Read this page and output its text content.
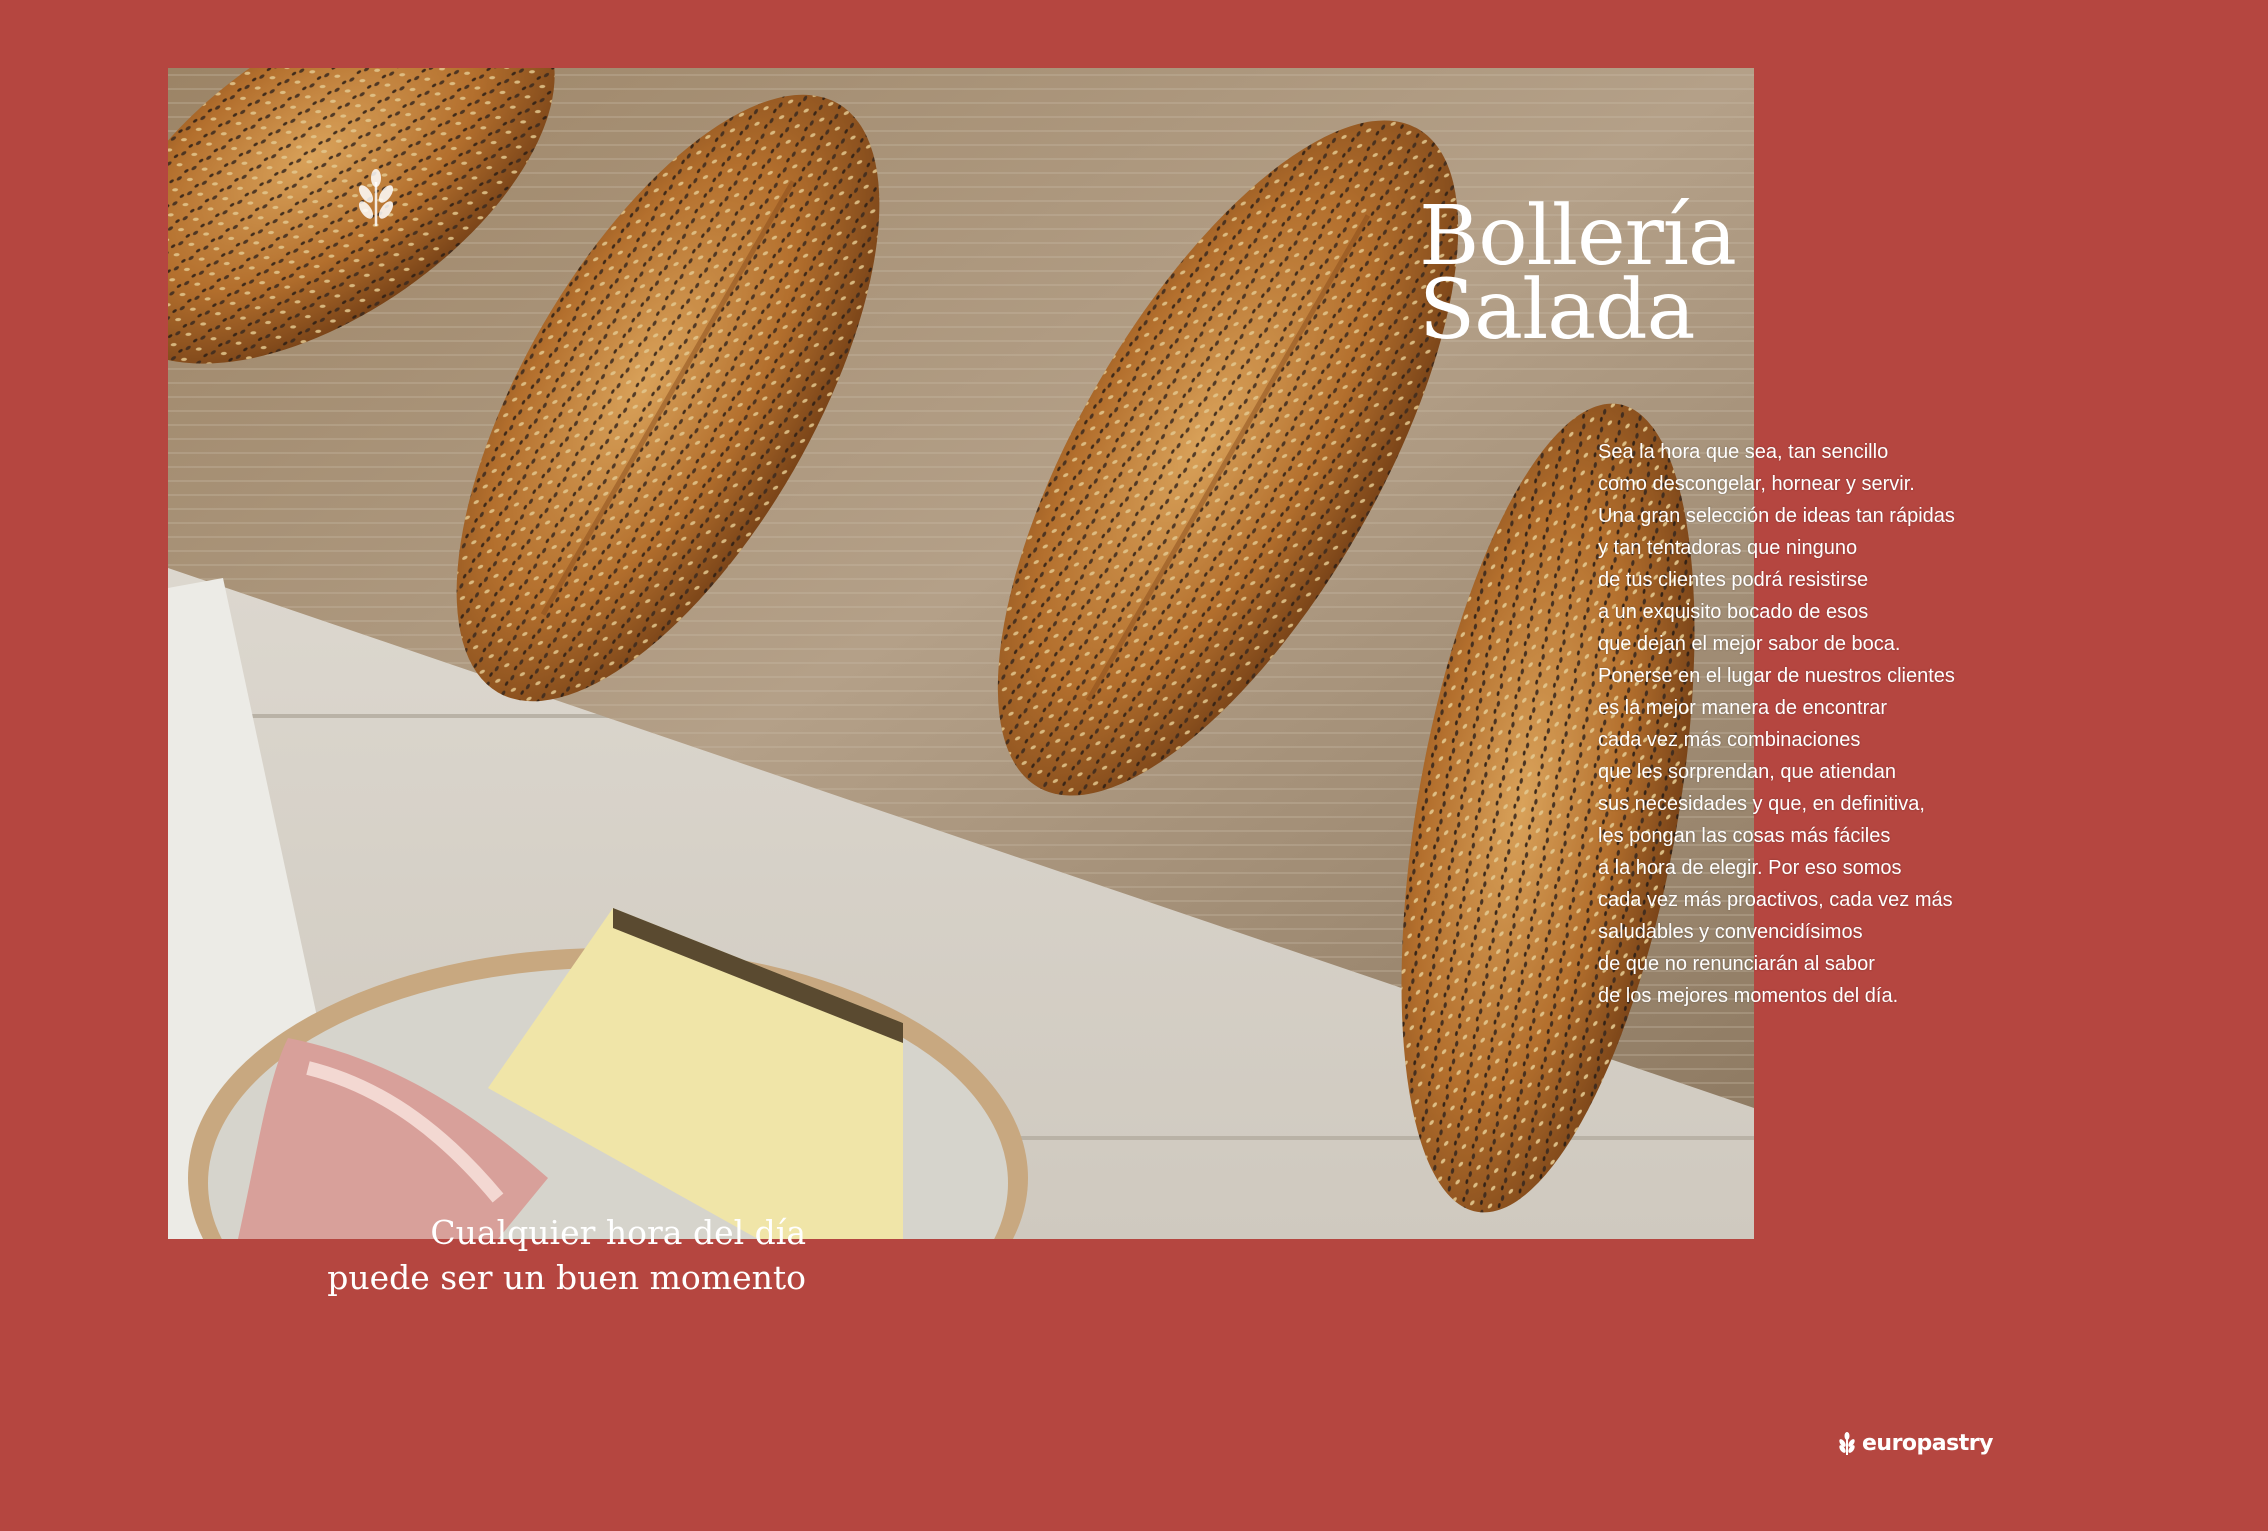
Bollería
Salada
Sea la hora que sea, tan sencillo
como descongelar, hornear y servir.
Una gran selección de ideas tan rápidas
y tan tentadoras que ninguno
de tus clientes podrá resistirse
a un exquisito bocado de esos
que dejan el mejor sabor de boca.
Ponerse en el lugar de nuestros clientes
es la mejor manera de encontrar
cada vez más combinaciones
que les sorprendan, que atiendan
sus necesidades y que, en definitiva,
les pongan las cosas más fáciles
a la hora de elegir. Por eso somos
cada vez más proactivos, cada vez más
saludables y convencidísimos
de que no renunciarán al sabor
de los mejores momentos del día.
Cualquier hora del día
puede ser un buen momento
europastry
